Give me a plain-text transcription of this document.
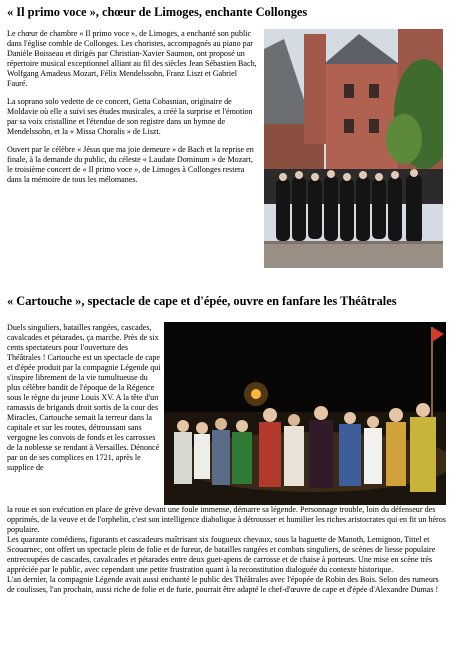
« Il primo voce », chœur de Limoges, enchante Collonges

Le chœur de chambre « Il primo voce », de Limoges, a enchanté son public dans l'église comble de Collonges. Les choristes, accompagnés au piano par Danièle Boisseau et dirigés par Christian-Xavier Saumon, ont proposé un répertoire musical exceptionnel alliant au fil des siècles Jean Sébastien Bach, Wolfgang Amadeus Mozart, Félix Mendelssohn, Franz Liszt et Gabriel Fauré.

La soprano solo vedette de ce concert, Getta Cobasnian, originaire de Moldavie où elle a suivi ses études musicales, a créé la surprise et l'émotion par sa voix cristalline et l'étendue de son registre dans un hymne de Mendelssohn, et la « Missa Choralis » de Liszt.

Ouvert par le célèbre « Jésus que ma joie demeure » de Bach et la reprise en finale, à la demande du public, du céleste « Laudate Dominum » de Mozart, le troisième concert de « Il primo voce », de Limoges à Collonges restera dans la mémoire de tous les mélomanes.

« Cartouche », spectacle de cape et d'épée, ouvre en fanfare les Théâtrales
Duels singuliers, batailles rangées, cascades, cavalcades et pétarades, ça marche. Près de six cents spectateurs pour l'ouverture des Théâtrales ! Cartouche est un spectacle de cape et d'épée produit par la compagnie Légende qui s'inspire librement de la vie tumultueuse du plus célèbre bandit de l'époque de la Régence sous le règne du jeune Louis XV. A la tête d'un ramassis de brigands droit sortis de la cour des Miracles, Cartouche semait la terreur dans la capitale et sur les routes, détroussant sans vergogne les convois de fonds et les carrosses de la noblesse se rendant à Versailles. Dénoncé par un de ses complices en 1721, après le supplice de

la roue et son exécution en place de grève devant une foule immense, démarre sa légende. Personnage trouble, loin du défenseur des opprimés, de la veuve et de l'orphelin, c'est son intelligence diabolique à détrousser et humilier les riches aristocrates qui en fit un héros populaire.

Les quarante comédiens, figurants et cascadeurs maîtrisant six fougueux chevaux, sous la baguette de Manoth, Lemignon, Tittel et Scouarnec, ont offert un spectacle plein de folie et de fureur, de batailles rangées et combats singuliers, de scènes de liesse populaire entrecoupées de cascades, cavalcades et pétarades entre deux guet-apens de carrosse et de chaise à porteurs. Une mise en scène très appréciée par le public, avec cependant une petite frustration quant à la reconstitution dialoguée du contexte historique.

L'an dernier, la compagnie Légende avait aussi enchanté le public des Théâtrales avec l'épopée de Robin des Bois. Selon des rumeurs de coulisses, l'an prochain, aussi riche de folie et de furie, pourrait être adapté le chef-d'œuvre de cape et d'épée d'Alexandre Dumas !
